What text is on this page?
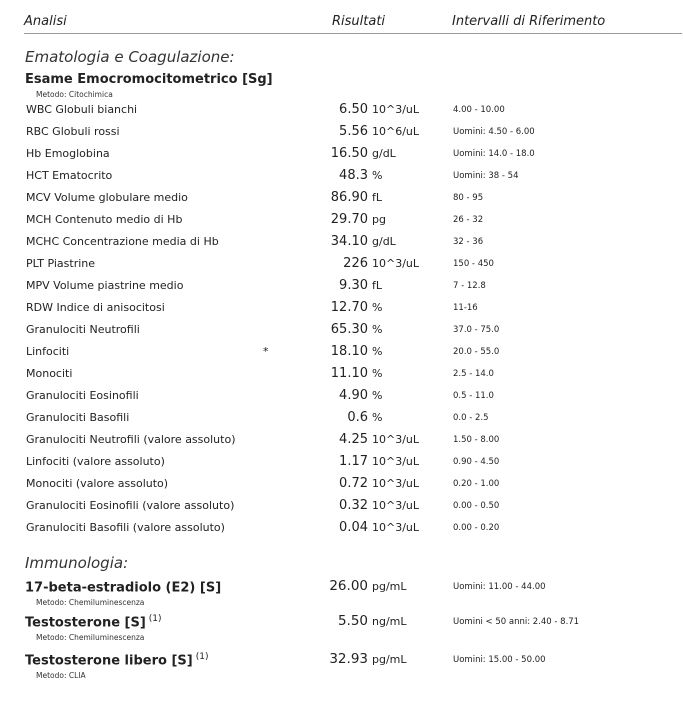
Analisi	Risultati	Intervalli di Riferimento
Ematologia e Coagulazione:
Esame Emocromocitometrico [Sg]
Metodo: Citochimica
WBC Globuli bianchi	6.50 10^3/uL	4.00 - 10.00
RBC Globuli rossi	5.56 10^6/uL	Uomini: 4.50 - 6.00
Hb Emoglobina	16.50 g/dL	Uomini: 14.0 - 18.0
HCT Ematocrito	48.3 %	Uomini: 38 - 54
MCV Volume globulare medio	86.90 fL	80 - 95
MCH Contenuto medio di Hb	29.70 pg	26 - 32
MCHC Concentrazione media di Hb	34.10 g/dL	32 - 36
PLT Piastrine	226 10^3/uL	150 - 450
MPV Volume piastrine medio	9.30 fL	7 - 12.8
RDW Indice di anisocitosi	12.70 %	11-16
Granulociti Neutrofili	65.30 %	37.0 - 75.0
Linfociti	*	18.10 %	20.0 - 55.0
Monociti	11.10 %	2.5 - 14.0
Granulociti Eosinofili	4.90 %	0.5 - 11.0
Granulociti Basofili	0.6 %	0.0 - 2.5
Granulociti Neutrofili (valore assoluto)	4.25 10^3/uL	1.50 - 8.00
Linfociti (valore assoluto)	1.17 10^3/uL	0.90 - 4.50
Monociti (valore assoluto)	0.72 10^3/uL	0.20 - 1.00
Granulociti Eosinofili (valore assoluto)	0.32 10^3/uL	0.00 - 0.50
Granulociti Basofili (valore assoluto)	0.04 10^3/uL	0.00 - 0.20
Immunologia:
17-beta-estradiolo (E2) [S]	26.00 pg/mL	Uomini: 11.00 - 44.00
Metodo: Chemiluminescenza
Testosterone [S] $^{(1)}$	5.50 ng/mL	Uomini < 50 anni: 2.40 - 8.71
Metodo: Chemiluminescenza
Testosterone libero [S] $^{(1)}$	32.93 pg/mL	Uomini: 15.00 - 50.00
Metodo: CLIA
